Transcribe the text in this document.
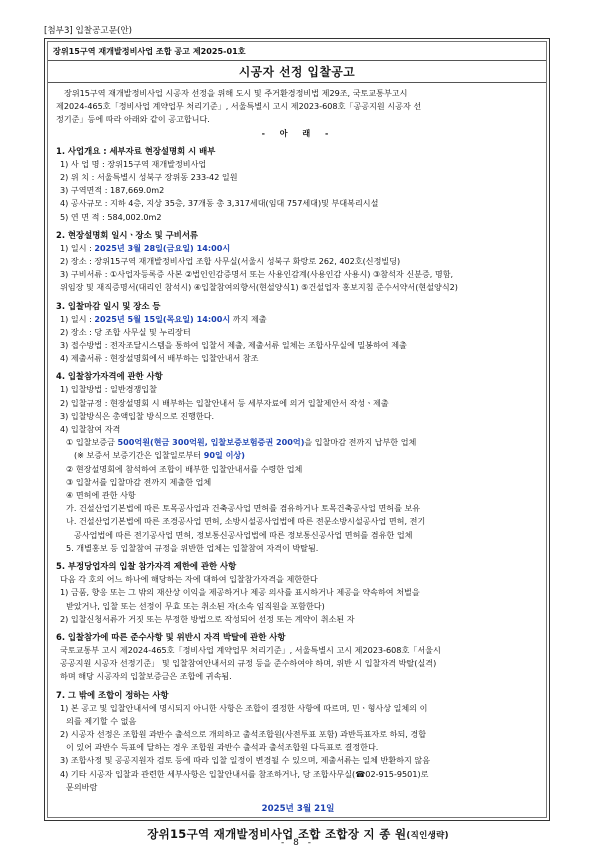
[첨부3] 입찰공고문(안)
장위15구역 재개발정비사업 조합 공고 제2025-01호
시공자 선정 입찰공고
장위15구역 재개발정비사업 시공자 선정을 위해 도시 및 주거환경정비법 제29조, 국토교통부고시
제2024-465호「정비사업 계약업무 처리기준」, 서울특별시 고시 제2023-608호「공공지원 시공자 선
정기준」등에 따라 아래와 같이 공고합니다.
- 아 래 -
1. 사업개요 : 세부자료 현장설명회 시 배부
1) 사 업 명 : 장위15구역 재개발정비사업
2) 위 치 : 서울특별시 성북구 장위동 233-42 일원
3) 구역면적 : 187,669.0m2
4) 공사규모 : 지하 4층, 지상 35층, 37개동 총 3,317세대(임대 757세대)및 부대복리시설
5) 연 면 적 : 584,002.0m2
2. 현장설명회 일시ㆍ장소 및 구비서류
1) 일시 : 2025년 3월 28일(금요일) 14:00시
2) 장소 : 장위15구역 재개발정비사업 조합 사무실(서울시 성북구 화랑로 262, 402호(신정빌딩)
3) 구비서류 : ①사업자등록증 사본 ②법인인감증명서 또는 사용인감계(사용인감 사용시) ③참석자 신분증, 명함,
위임장 및 재직증명서(대리인 참석시) ④입찰참여의향서(현설양식1) ⑤건설업자 홍보지침 준수서약서(현설양식2)
3. 입찰마감 일시 및 장소 등
1) 일시 : 2025년 5월 15일(목요일) 14:00시 까지 제출
2) 장소 : 당 조합 사무실 및 누리장터
3) 접수방법 : 전자조달시스템을 통하여 입찰서 제출, 제출서류 일체는 조합사무실에 밀봉하여 제출
4) 제출서류 : 현장설명회에서 배부하는 입찰안내서 참조
4. 입찰참가자격에 관한 사항
1) 입찰방법 : 일반경쟁입찰
2) 입찰규정 : 현장설명회 시 배부하는 입찰안내서 등 세부자료에 의거 입찰제안서 작성ㆍ제출
3) 입찰방식은 총액입찰 방식으로 진행한다.
4) 입찰참여 자격
① 입찰보증금 500억원(현금 300억원, 입찰보증보험증권 200억)을 입찰마감 전까지 납부한 업체
(※ 보증서 보증기간은 입찰일로부터 90일 이상)
② 현장설명회에 참석하여 조합이 배부한 입찰안내서를 수령한 업체
③ 입찰서를 입찰마감 전까지 제출한 업체
④ 면허에 관한 사항
가. 건설산업기본법에 따른 토목공사업과 건축공사업 면허를 겸유하거나 토목건축공사업 면허를 보유
나. 건설산업기본법에 따른 조경공사업 면허, 소방시설공사업법에 따른 전문소방시설공사업 면허, 전기
공사업법에 따른 전기공사업 면허, 정보통신공사업법에 따른 정보통신공사업 면허를 겸유한 업체
5. 개별홍보 등 입찰참여 규정을 위반한 업체는 입찰참여 자격이 박탈됨.
5. 부정당업자의 입찰 참가자격 제한에 관한 사항
다음 각 호의 어느 하나에 해당하는 자에 대하여 입찰참가자격을 제한한다
1) 금품, 향응 또는 그 밖의 재산상 이익을 제공하거나 제공 의사를 표시하거나 제공을 약속하여 처벌을
받았거나, 입찰 또는 선정이 무효 또는 취소된 자(소속 임직원을 포함한다)
2) 입찰신청서류가 거짓 또는 부정한 방법으로 작성되어 선정 또는 계약이 취소된 자
6. 입찰참가에 따른 준수사항 및 위반시 자격 박탈에 관한 사항
국토교통부 고시 제2024-465호「정비사업 계약업무 처리기준」, 서울특별시 고시 제2023-608호「서울시
공공지원 시공자 선정기준」 및 입찰참여안내서의 규정 등을 준수하여야 하며, 위반 시 입찰자격 박탈(실격)
하며 해당 시공자의 입찰보증금은 조합에 귀속됨.
7. 그 밖에 조합이 정하는 사항
1) 본 공고 및 입찰안내서에 명시되지 아니한 사항은 조합이 결정한 사항에 따르며, 민ㆍ형사상 일체의 이
의를 제기할 수 없음
2) 시공자 선정은 조합원 과반수 출석으로 개의하고 출석조합원(사전투표 포함) 과반득표자로 하되, 경합
이 있어 과반수 득표에 달하는 경우 조합원 과반수 출석과 출석조합원 다득표로 결정한다.
3) 조합사정 및 공공지원자 검토 등에 따라 입찰 일정이 변경될 수 있으며, 제출서류는 일체 반환하지 않음
4) 기타 시공자 입찰과 관련한 세부사항은 입찰안내서를 참조하거나, 당 조합사무실(☎02-915-9501)로
문의바람
2025년 3월 21일
장위15구역 재개발정비사업 조합 조합장 지 종 원(직인생략)
- 8 -
